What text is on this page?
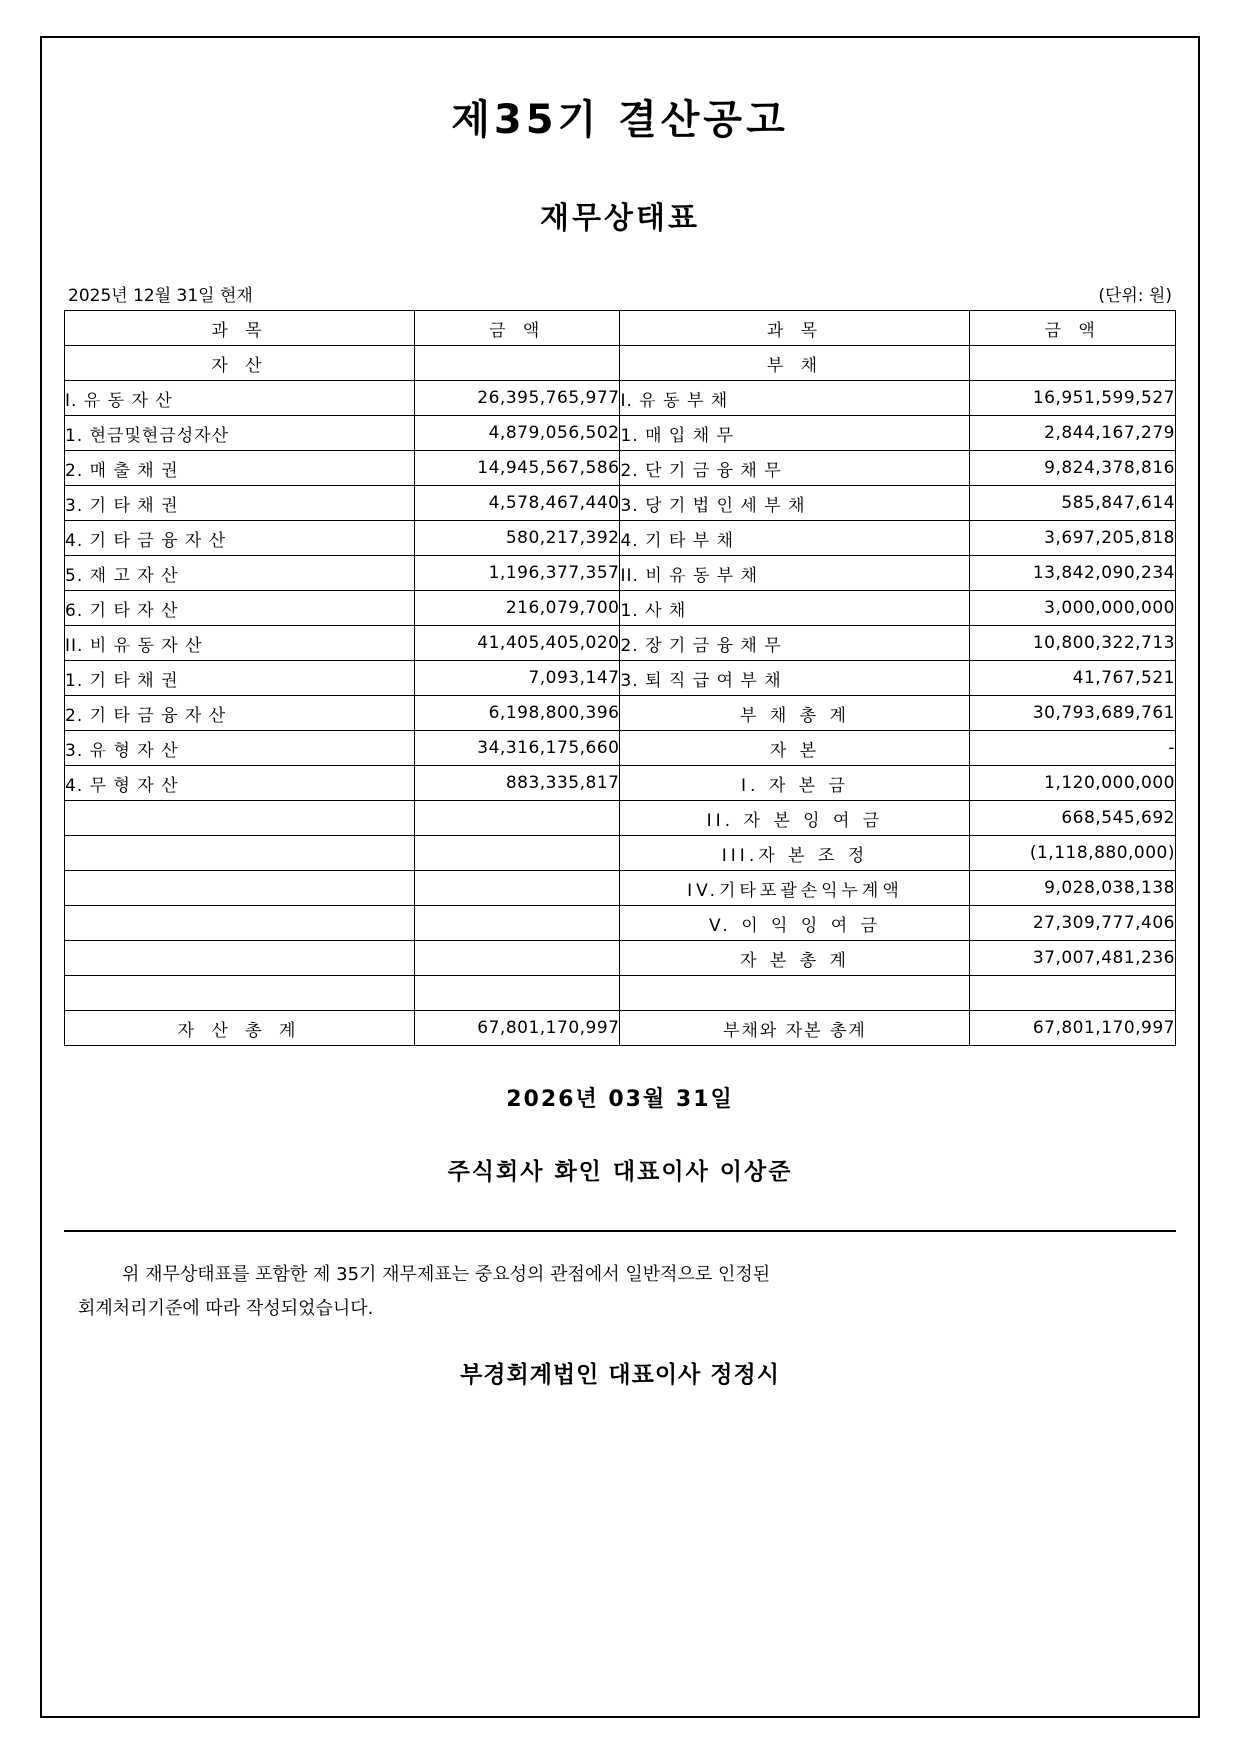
제35기 결산공고
재무상태표
2025년 12월 31일 현재	(단위: 원)
과 목	금 액	과 목	금 액
자 산		부 채	
I. 유 동 자 산	26,395,765,977	I. 유 동 부 채	16,951,599,527
1. 현금및현금성자산	4,879,056,502	1. 매 입 채 무	2,844,167,279
2. 매 출 채 권	14,945,567,586	2. 단 기 금 융 채 무	9,824,378,816
3. 기 타 채 권	4,578,467,440	3. 당 기 법 인 세 부 채	585,847,614
4. 기 타 금 융 자 산	580,217,392	4. 기 타 부 채	3,697,205,818
5. 재 고 자 산	1,196,377,357	II. 비 유 동 부 채	13,842,090,234
6. 기 타 자 산	216,079,700	1. 사 채	3,000,000,000
II. 비 유 동 자 산	41,405,405,020	2. 장 기 금 융 채 무	10,800,322,713
1. 기 타 채 권	7,093,147	3. 퇴 직 급 여 부 채	41,767,521
2. 기 타 금 융 자 산	6,198,800,396	부 채 총 계	30,793,689,761
3. 유 형 자 산	34,316,175,660	자 본	-
4. 무 형 자 산	883,335,817	I. 자 본 금	1,120,000,000
		II. 자 본 잉 여 금	668,545,692
		III.자 본 조 정	(1,118,880,000)
		IV.기타포괄손익누계액	9,028,038,138
		V. 이 익 잉 여 금	27,309,777,406
		자 본 총 계	37,007,481,236

자 산 총 계	67,801,170,997	부채와 자본 총계	67,801,170,997
2026년 03월 31일
주식회사 화인 대표이사 이상준
위 재무상태표를 포함한 제 35기 재무제표는 중요성의 관점에서 일반적으로 인정된
회계처리기준에 따라 작성되었습니다.
부경회계법인 대표이사 정정시
